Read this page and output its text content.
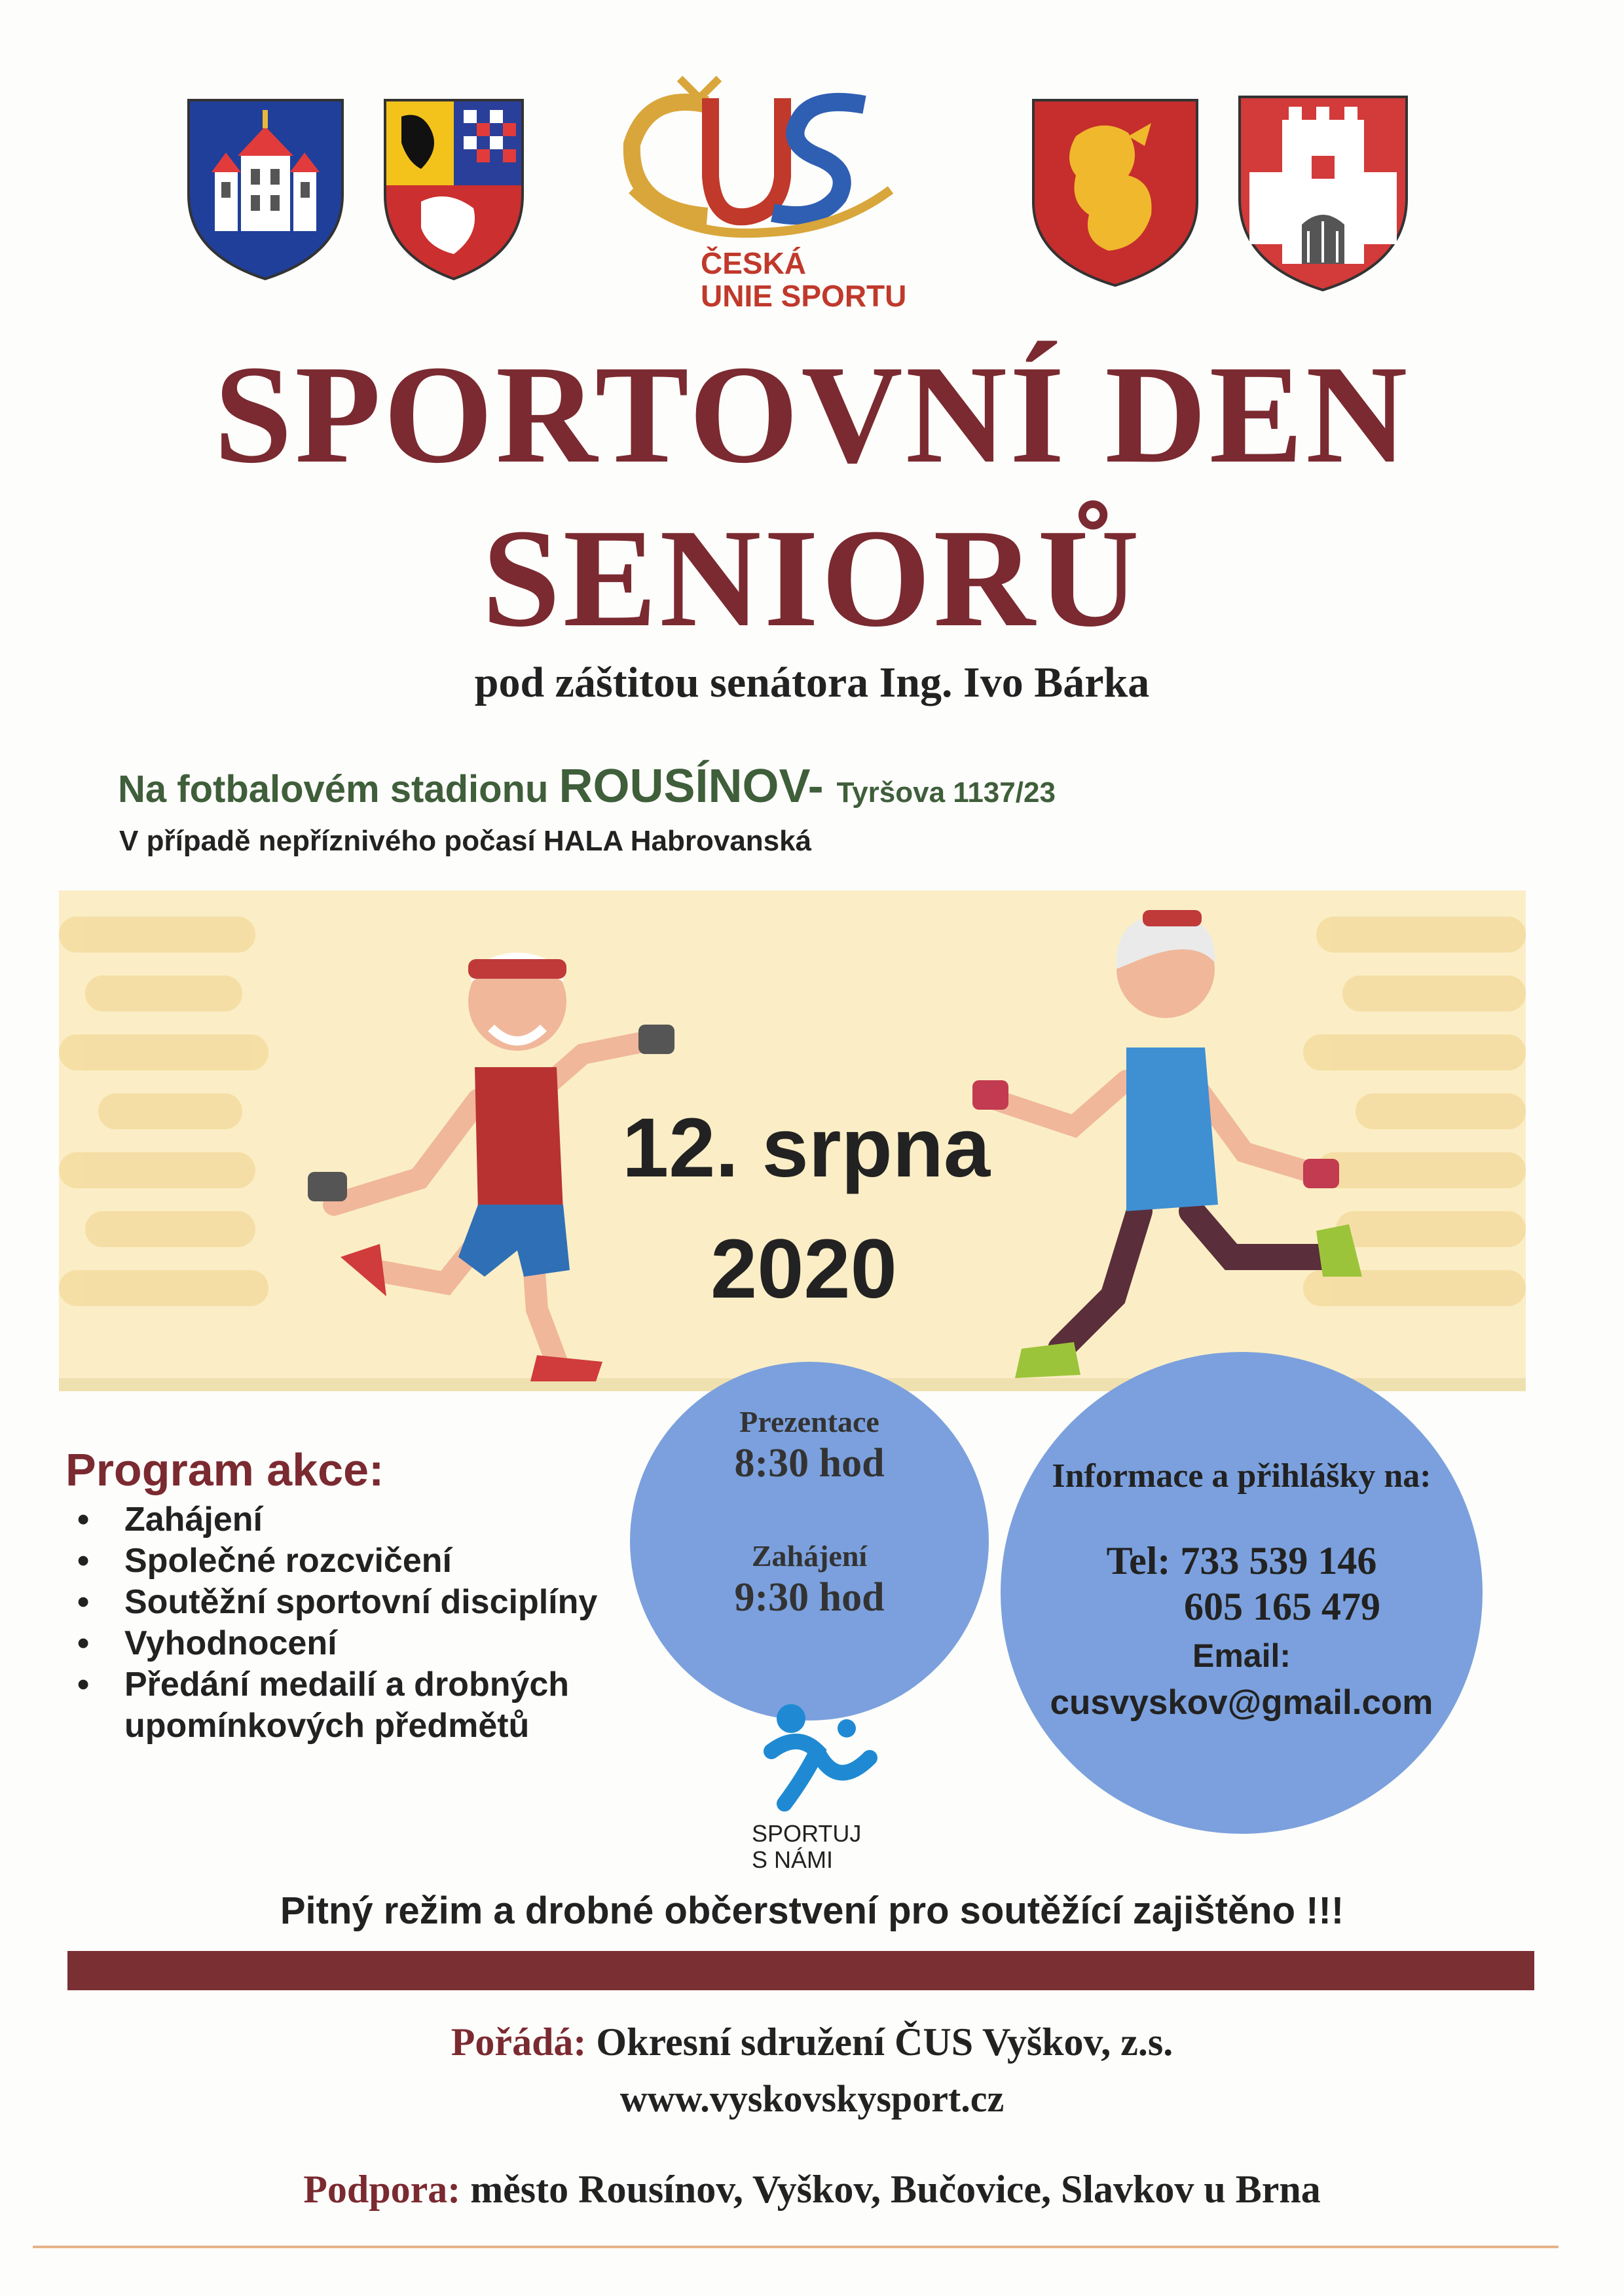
ČESKÁ
UNIE SPORTU
SPORTOVNÍ DEN
SENIORŮ
pod záštitou senátora Ing. Ivo Bárka
Na fotbalovém stadionu ROUSÍNOV- Tyršova 1137/23
V případě nepříznivého počasí HALA Habrovanská
12. srpna
2020
Program akce:
• Zahájení
• Společné rozcvičení
• Soutěžní sportovní disciplíny
• Vyhodnocení
• Předání medailí a drobných upomínkových předmětů
Prezentace
8:30 hod
Zahájení
9:30 hod
Informace a přihlášky na:
Tel: 733 539 146
605 165 479
Email:
cusvyskov@gmail.com
SPORTUJ
S NÁMI
Pitný režim a drobné občerstvení pro soutěžící zajištěno !!!
Pořádá: Okresní sdružení ČUS Vyškov, z.s.
www.vyskovskysport.cz
Podpora: město Rousínov, Vyškov, Bučovice, Slavkov u Brna
